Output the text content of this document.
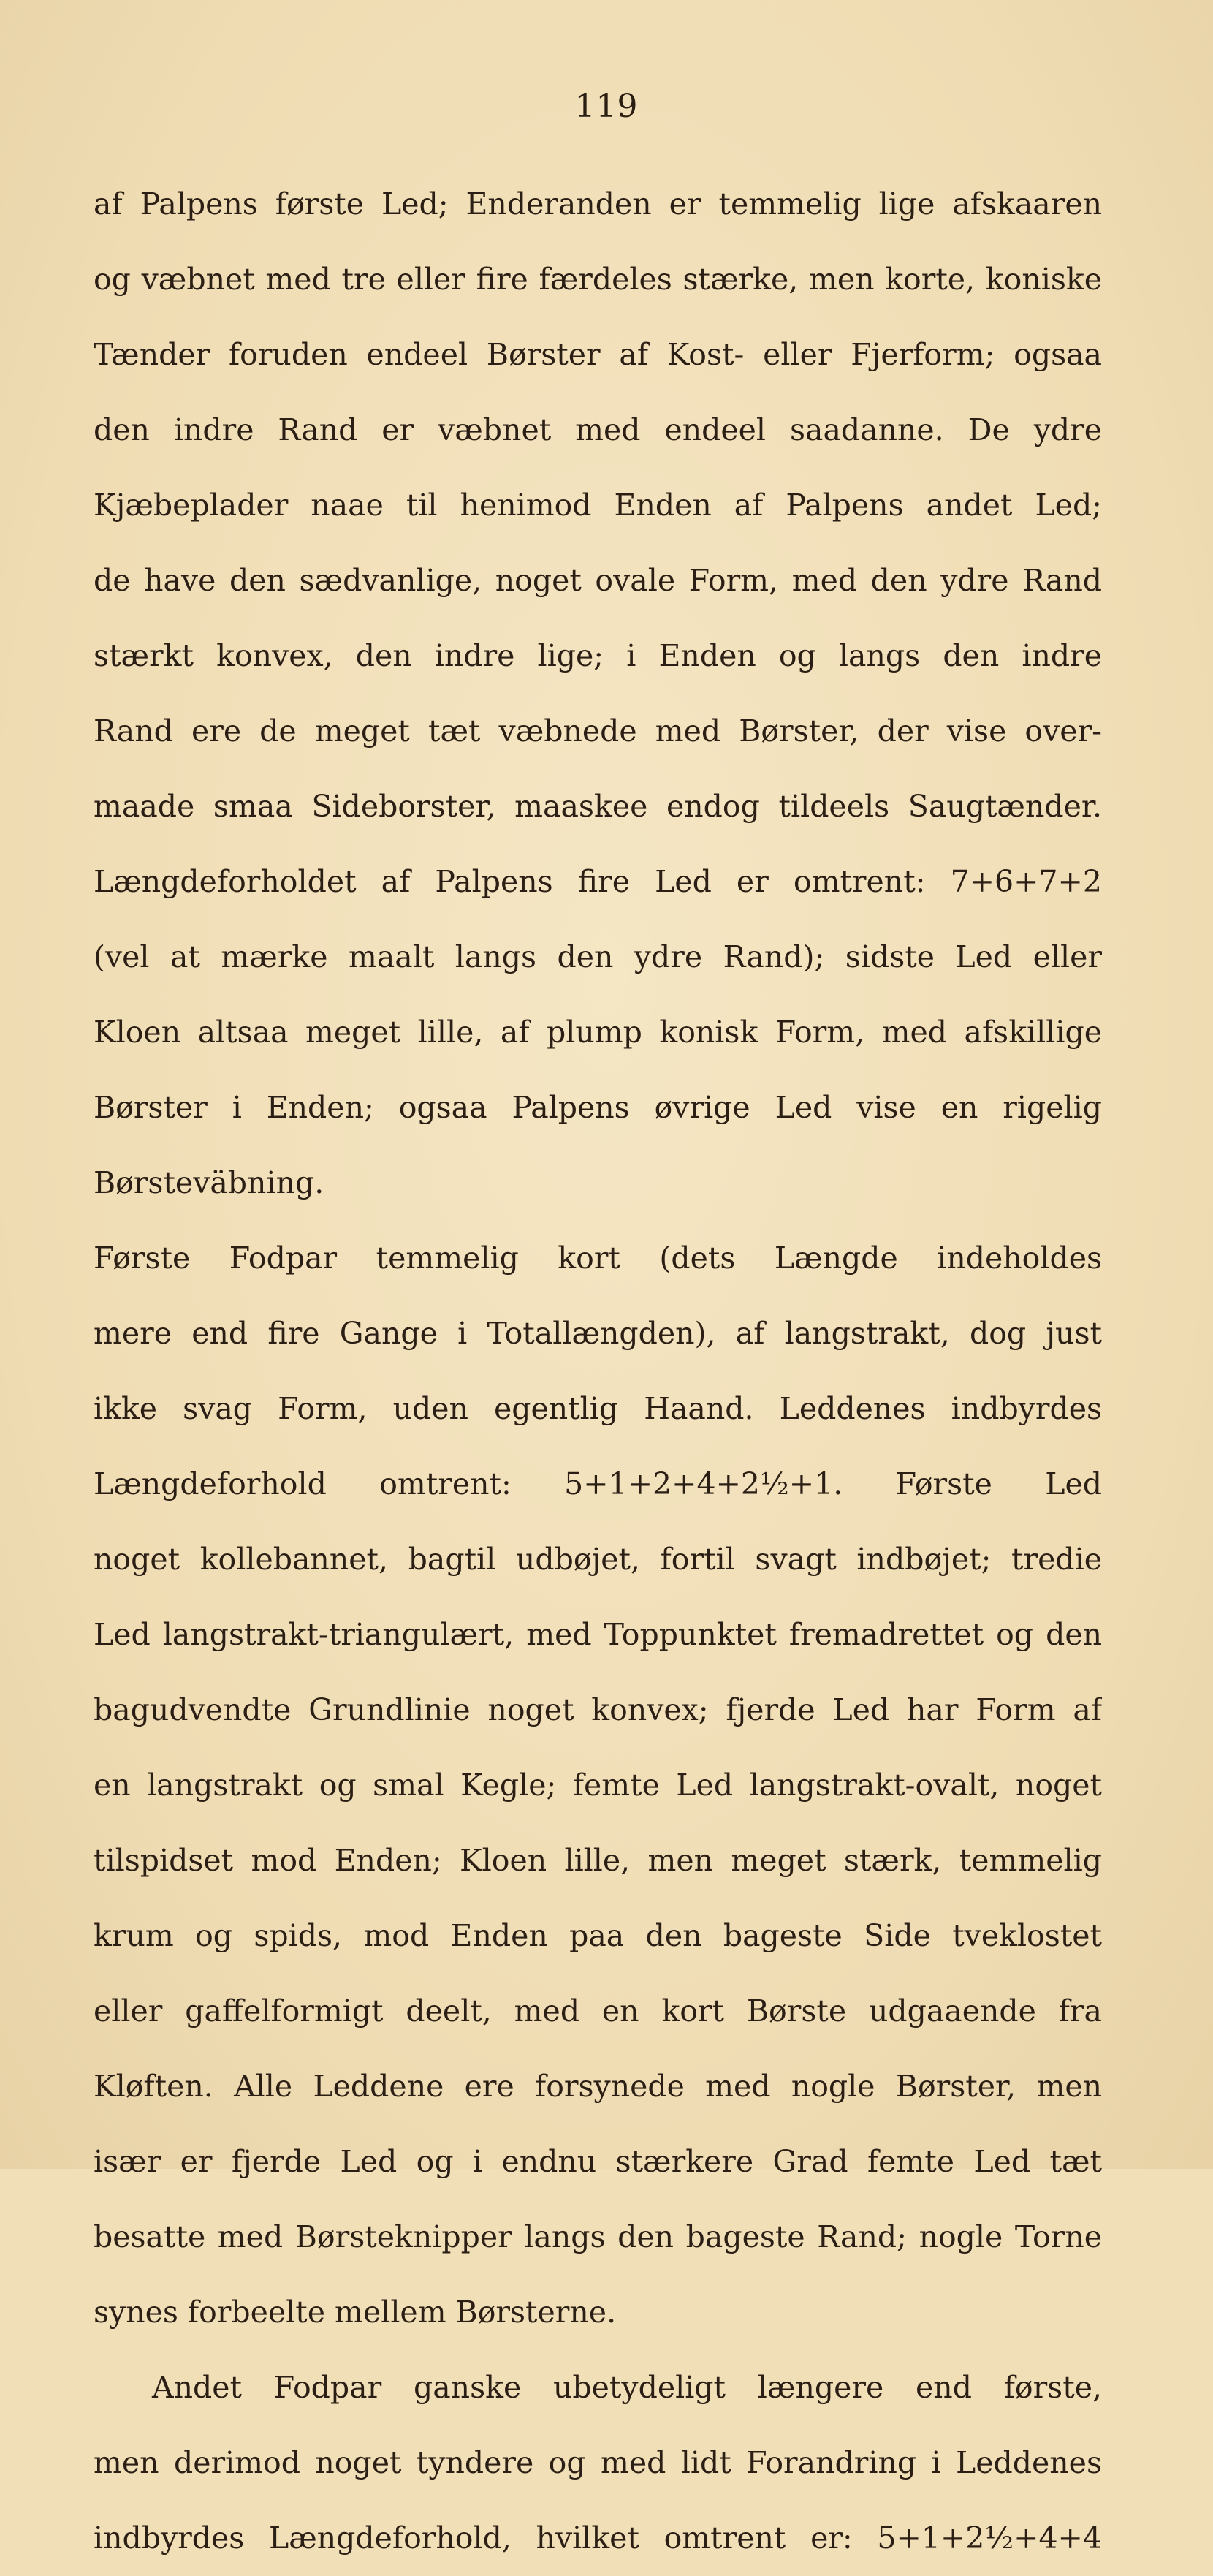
119
af Palpens første Led; Enderanden er temmelig lige afskaaren
og væbnet med tre eller fire færdeles stærke, men korte, koniske
Tænder foruden endeel Børster af Kost- eller Fjerform; ogsaa
den indre Rand er væbnet med endeel saadanne. De ydre
Kjæbeplader naae til henimod Enden af Palpens andet Led;
de have den sædvanlige, noget ovale Form, med den ydre Rand
stærkt konvex, den indre lige; i Enden og langs den indre
Rand ere de meget tæt væbnede med Børster, der vise over-
maade smaa Sideborster, maaskee endog tildeels Saugtænder.
Længdeforholdet af Palpens fire Led er omtrent: 7+6+7+2
(vel at mærke maalt langs den ydre Rand); sidste Led eller
Kloen altsaa meget lille, af plump konisk Form, med afskillige
Børster i Enden; ogsaa Palpens øvrige Led vise en rigelig
Børsteväbning.
Første Fodpar temmelig kort (dets Længde indeholdes
mere end fire Gange i Totallængden), af langstrakt, dog just
ikke svag Form, uden egentlig Haand. Leddenes indbyrdes
Længdeforhold omtrent: 5+1+2+4+2½+1. Første Led
noget kollebannet, bagtil udbøjet, fortil svagt indbøjet; tredie
Led langstrakt-triangulært, med Toppunktet fremadrettet og den
bagudvendte Grundlinie noget konvex; fjerde Led har Form af
en langstrakt og smal Kegle; femte Led langstrakt-ovalt, noget
tilspidset mod Enden; Kloen lille, men meget stærk, temmelig
krum og spids, mod Enden paa den bageste Side tveklostet
eller gaffelformigt deelt, med en kort Børste udgaaende fra
Kløften. Alle Leddene ere forsynede med nogle Børster, men
især er fjerde Led og i endnu stærkere Grad femte Led tæt
besatte med Børsteknipper langs den bageste Rand; nogle Torne
synes forbeelte mellem Børsterne.
Andet Fodpar ganske ubetydeligt længere end første,
men derimod noget tyndere og med lidt Forandring i Leddenes
indbyrdes Længdeforhold, hvilket omtrent er: 5+1+2½+4+4
